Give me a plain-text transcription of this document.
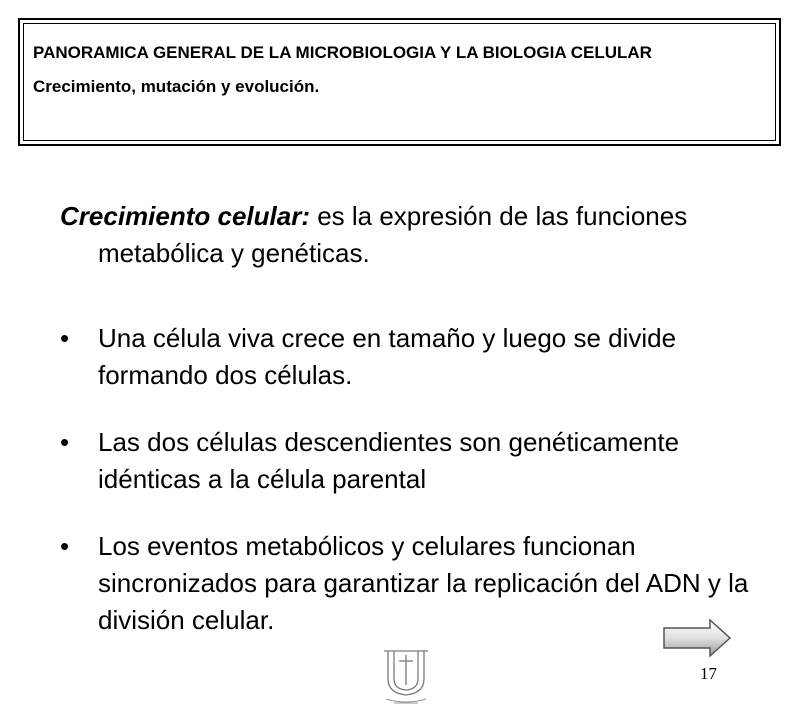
PANORAMICA GENERAL DE LA MICROBIOLOGIA Y LA BIOLOGIA CELULAR
Crecimiento, mutación y evolución.

Crecimiento celular: es la expresión de las funciones metabólica y genéticas.

• Una célula viva crece en tamaño y luego se divide formando dos células.
• Las dos células descendientes son genéticamente idénticas a la célula parental
• Los eventos metabólicos y celulares funcionan sincronizados para garantizar la replicación del ADN y la división celular.
17
